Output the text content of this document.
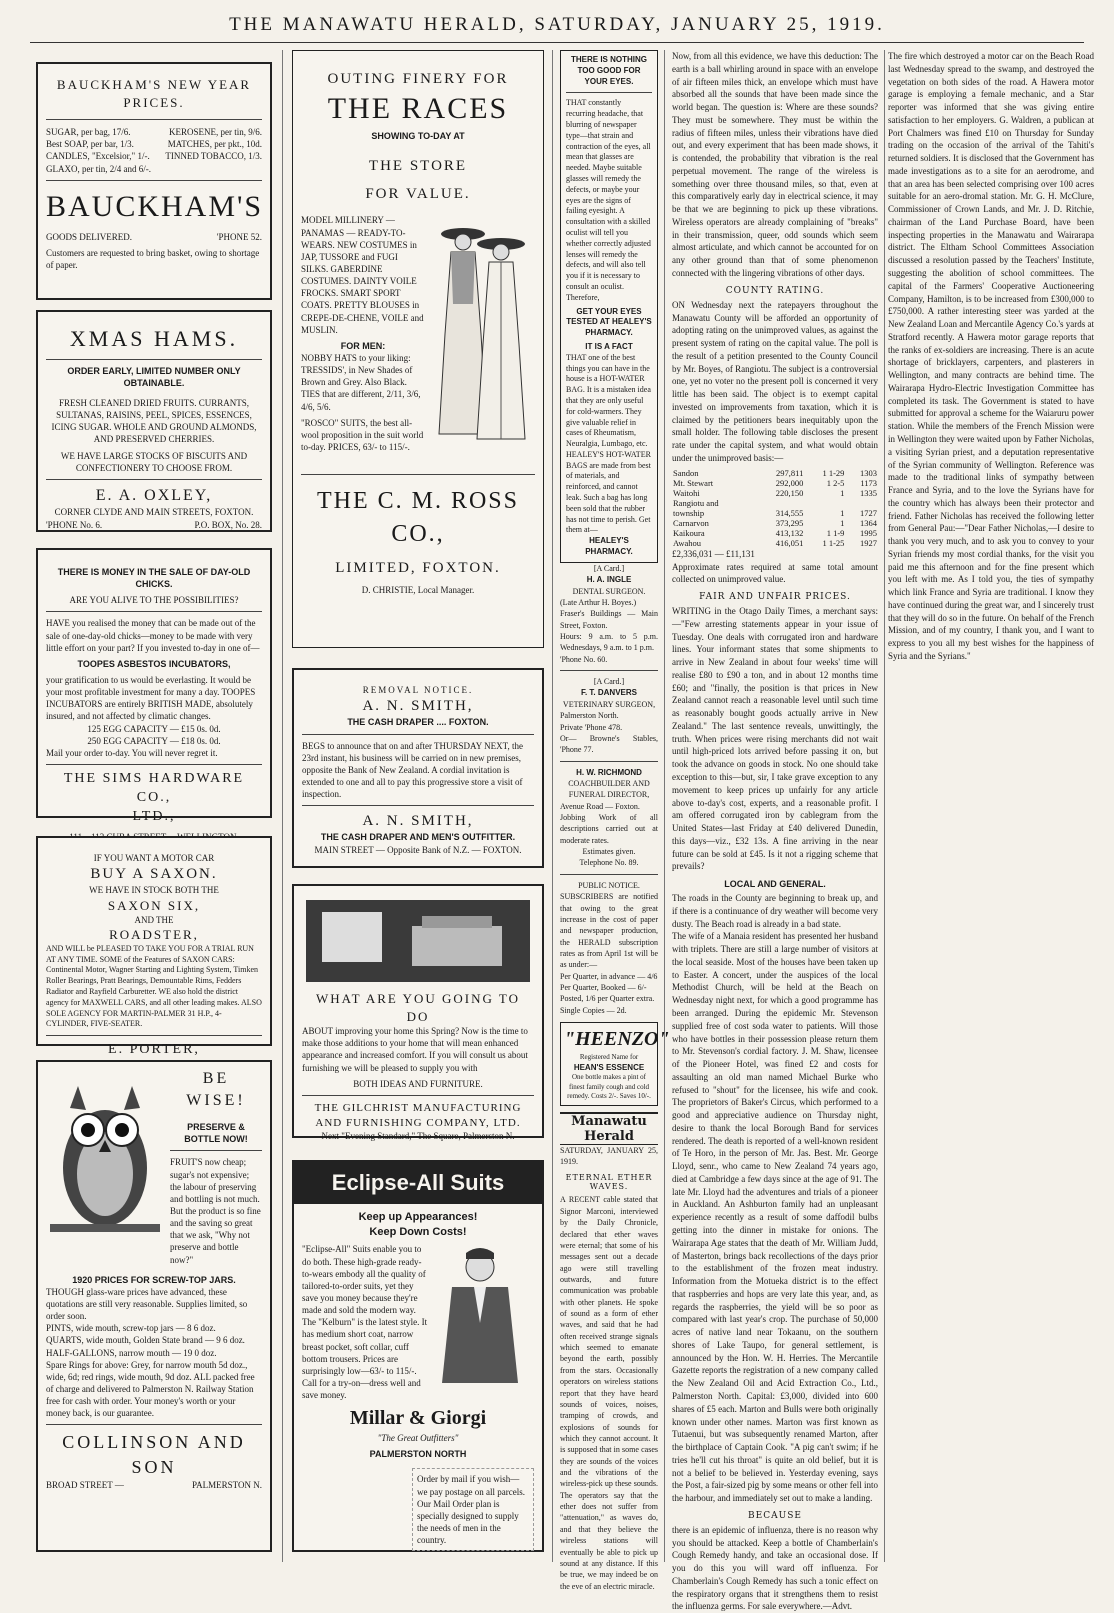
THE MANAWATU HERALD, SATURDAY, JANUARY 25, 1919.
BAUCKHAM'S NEW YEAR PRICES.
SUGAR, per bag, 17/6.	KEROSENE, per tin, 9/6.
Best SOAP, per bar, 1/3.	MATCHES, per pkt., 10d.
CANDLES, "Excelsior," 1/-. TINNED TOBACCO, 1/3.
GLAXO, per tin, 2/4 and 6/-.
BAUCKHAM'S
GOODS DELIVERED.	'PHONE 52.
Customers are requested to bring basket, owing to shortage of paper.
XMAS HAMS.
ORDER EARLY, LIMITED NUMBER ONLY OBTAINABLE.
FRESH CLEANED DRIED FRUITS. CURRANTS, SULTANAS, RAISINS, PEEL, SPICES, ESSENCES, ICING SUGAR. WHOLE AND GROUND ALMONDS, AND PRESERVED CHERRIES.
WE HAVE LARGE STOCKS OF BISCUITS AND CONFECTIONERY TO CHOOSE FROM.
E. A. OXLEY,
CORNER CLYDE AND MAIN STREETS, FOXTON.
'PHONE No. 6.	P.O. BOX, No. 28.
THERE IS MONEY IN THE SALE OF DAY-OLD CHICKS.
ARE YOU ALIVE TO THE POSSIBILITIES?
HAVE you realised the money that can be made out of the sale of one-day-old chicks—money to be made with very little effort on your part? If you invested to-day in one of—
TOOPES ASBESTOS INCUBATORS,
your gratification to us would be everlasting. It would be your most profitable investment for many a day. TOOPES INCUBATORS are entirely BRITISH MADE, absolutely insured, and not affected by climatic changes.
125 EGG CAPACITY — £15 0s. 0d.
250 EGG CAPACITY — £18 0s. 0d.
Mail your order to-day. You will never regret it.
THE SIMS HARDWARE CO.,
LTD.,
IF YOU WANT A MOTOR CAR
BUY A SAXON.
WE HAVE IN STOCK BOTH THE
SAXON SIX,
AND THE
ROADSTER,
AND WILL be PLEASED TO TAKE YOU FOR A TRIAL RUN AT ANY TIME. SOME of the Features of SAXON CARS: Continental Motor, Wagner Starting and Lighting System, Timken Roller Bearings, Pratt Bearings, Demountable Rims, Fedders Radiator and Rayfield Carburetter. WE also hold the district agency for MAXWELL CARS, and all other leading makes. ALSO SOLE AGENCY FOR MARTIN-PALMER 31 H.P., 4-CYLINDER, FIVE-SEATER.
E. PORTER,
BE WISE!
PRESERVE & BOTTLE NOW!
FRUIT'S now cheap; sugar's not expensive; the labour of preserving and bottling is not much. But the product is so fine and the saving so great that we ask, "Why not preserve and bottle now?"
1920 PRICES FOR SCREW-TOP JARS.
THOUGH glass-ware prices have advanced, these quotations are still very reasonable. Supplies limited, so order soon.
PINTS, wide mouth, screw-top jars — 8 6 doz.
QUARTS, wide mouth, Golden State brand — 9 6 doz.
HALF-GALLONS, narrow mouth — 19 0 doz.
Spare Rings for above: Grey, for narrow mouth 5d doz., wide, 6d; red rings, wide mouth, 9d doz. ALL packed free of charge and delivered to Palmerston N. Railway Station free for cash with order. Your money's worth or your money back, is our guarantee.
COLLINSON AND SON
BROAD STREET —	PALMERSTON N.
OUTING FINERY FOR
THE RACES
SHOWING TO-DAY AT
THE STORE
FOR VALUE.
MODEL MILLINERY — PANAMAS — READY-TO-WEARS. NEW COSTUMES in JAP, TUSSORE and FUGI SILKS. GABERDINE COSTUMES. DAINTY VOILE FROCKS. SMART SPORT COATS. PRETTY BLOUSES in CREPE-DE-CHENE, VOILE and MUSLIN.
FOR MEN:
NOBBY HATS to your liking: TRESSIDS', in New Shades of Brown and Grey. Also Black. TIES that are different, 2/11, 3/6, 4/6, 5/6.
"ROSCO" SUITS, the best all-wool proposition in the suit world to-day. PRICES, 63/- to 115/-.
THE C. M. ROSS CO.,
LIMITED, FOXTON.
D. CHRISTIE, Local Manager.
REMOVAL NOTICE.
A. N. SMITH,
THE CASH DRAPER .... FOXTON.
BEGS to announce that on and after THURSDAY NEXT, the 23rd instant, his business will be carried on in new premises, opposite the Bank of New Zealand. A cordial invitation is extended to one and all to pay this progressive store a visit of inspection.
A. N. SMITH,
THE CASH DRAPER AND MEN'S OUTFITTER.
MAIN STREET — Opposite Bank of N.Z. — FOXTON.
WHAT ARE YOU GOING TO DO
ABOUT improving your home this Spring? Now is the time to make those additions to your home that will mean enhanced appearance and increased comfort. If you will consult us about furnishing we will be pleased to supply you with
BOTH IDEAS AND FURNITURE.
THE GILCHRIST MANUFACTURING AND FURNISHING COMPANY, LTD.
Next "Evening Standard," The Square, Palmerston N.
Eclipse-All Suits
Keep up Appearances!
Keep Down Costs!
"Eclipse-All" Suits enable you to do both. These high-grade ready-to-wears embody all the quality of tailored-to-order suits, yet they save you money because they're made and sold the modern way. The "Kelburn" is the latest style. It has medium short coat, narrow breast pocket, soft collar, cuff bottom trousers. Prices are surprisingly low—63/- to 115/-. Call for a try-on—dress well and save money.
Millar & Giorgi
"The Great Outfitters"
PALMERSTON NORTH
Order by mail if you wish—we pay postage on all parcels. Our Mail Order plan is specially designed to supply the needs of men in the country.
THERE IS NOTHING TOO GOOD FOR YOUR EYES.
THAT constantly recurring headache, that blurring of newspaper type—that strain and contraction of the eyes, all mean that glasses are needed. Maybe suitable glasses will remedy the defects, or maybe your eyes are the signs of failing eyesight. A consultation with a skilled oculist will tell you whether correctly adjusted lenses will remedy the defects, and will also tell you if it is necessary to consult an oculist. Therefore,
GET YOUR EYES TESTED AT HEALEY'S PHARMACY.
IT IS A FACT
THAT one of the best things you can have in the house is a HOT-WATER BAG. It is a mistaken idea that they are only useful for cold-warmers. They give valuable relief in cases of Rheumatism, Neuralgia, Lumbago, etc. HEALEY'S HOT-WATER BAGS are made from best of materials, and reinforced, and cannot leak. Such a bag has long been sold that the rubber has not time to perish. Get them at—
HEALEY'S PHARMACY.
[A Card.]
H. A. INGLE
DENTAL SURGEON.
(Late Arthur H. Boyes.)
Fraser's Buildings — Main Street, Foxton.
Hours: 9 a.m. to 5 p.m. Wednesdays, 9 a.m. to 1 p.m.
'Phone No. 60.
[A Card.]
F. T. DANVERS
VETERINARY SURGEON,
Palmerston North.
Private 'Phone 478.
Or— Browne's Stables, 'Phone 77.
H. W. RICHMOND
COACHBUILDER AND FUNERAL DIRECTOR,
Avenue Road — Foxton.
Jobbing Work of all descriptions carried out at moderate rates.
Estimates given.
Telephone No. 89.
PUBLIC NOTICE.
SUBSCRIBERS are notified that owing to the great increase in the cost of paper and newspaper production, the HERALD subscription rates as from April 1st will be as under:—
Per Quarter, in advance — 4/6
Per Quarter, Booked — 6/-
Posted, 1/6 per Quarter extra.
Single Copies — 2d.
"HEENZO"
Registered Name for
HEAN'S ESSENCE
One bottle makes a pint of finest family cough and cold remedy. Costs 2/-. Saves 10/-.
Manawatu Herald
SATURDAY, JANUARY 25, 1919.
ETERNAL ETHER WAVES.
A RECENT cable stated that Signor Marconi, interviewed by the Daily Chronicle, declared that ether waves were eternal; that some of his messages sent out a decade ago were still travelling outwards, and future communication was probable with other planets. He spoke of sound as a form of ether waves, and said that he had often received strange signals which seemed to emanate beyond the earth, possibly from the stars. Occasionally operators on wireless stations report that they have heard sounds of voices, noises, tramping of crowds, and explosions of sounds for which they cannot account. It is supposed that in some cases they are sounds of the voices and the vibrations of the wireless-pick up these sounds. The operators say that the ether does not suffer from "attenuation," as waves do, and that they believe the wireless stations will eventually be able to pick up sound at any distance. If this be true, we may indeed be on the eve of an electric miracle.
Now, from all this evidence, we have this deduction: The earth is a ball whirling around in space with an envelope of air fifteen miles thick, an envelope which must have absorbed all the sounds that have been made since the world began. The question is: Where are these sounds? They must be somewhere. They must be within the radius of fifteen miles, unless their vibrations have died out, and every experiment that has been made shows, it is contended, the probability that vibration is the real perpetual movement. The range of the wireless is something over three thousand miles, so that, even at this comparatively early day in electrical science, it may be that we are beginning to pick up these vibrations. Wireless operators are already complaining of "breaks" in their transmission, queer, odd sounds which seem almost articulate, and which cannot be accounted for on any other ground than that of some phenomenon connected with the lingering vibrations of other days.
COUNTY RATING.
ON Wednesday next the ratepayers throughout the Manawatu County will be afforded an opportunity of adopting rating on the unimproved values, as against the present system of rating on the capital value. The poll is the result of a petition presented to the County Council by Mr. Boyes, of Rangiotu. The subject is a controversial one, yet no voter no the present poll is concerned it very little has been said. The object is to exempt capital invested on improvements from taxation, which it is claimed by the petitioners bears inequitably upon the small holder. The following table discloses the present rate under the capital system, and what would obtain under the unimproved basis:—
Sandon	297,811	1 1-29	1303
Mt. Stewart	292,000	1 2-5	1173
Waitohi	220,150	1	1335
Rangiotu and			
township	314,555	1	1727
Carnarvon	373,295	1	1364
Kaikoura	413,132	1 1-9	1995
Awahou	416,051	1 1-25	1927
£2,336,031 — £11,131
Approximate rates required at same total amount collected on unimproved value.
FAIR AND UNFAIR PRICES.
WRITING in the Otago Daily Times, a merchant says:—"Few arresting statements appear in your issue of Tuesday. One deals with corrugated iron and hardware lines. Your informant states that some shipments to arrive in New Zealand in about four weeks' time will realise £80 to £90 a ton, and in about 12 months time £60; and "finally, the position is that prices in New Zealand cannot reach a reasonable level until such time as reasonably bought goods actually arrive in New Zealand." The last sentence reveals, unwittingly, the truth. When prices were rising merchants did not wait until high-priced lots arrived before passing it on, but took the advance on goods in stock. No one should take exception to this—but, sir, I take grave exception to any movement to keep prices up unfairly for any article above to-day's cost, experts, and a reasonable profit. I am offered corrugated iron by cablegram from the United States—last Friday at £40 delivered Dunedin, this days—viz., £32 13s. A fine arriving in the near future can be sold at £45. Is it not a rigging scheme that prevails?
LOCAL AND GENERAL.
The roads in the County are beginning to break up, and if there is a continuance of dry weather will become very dusty. The Beach road is already in a bad state.
The wife of a Manaia resident has presented her husband with triplets. There are still a large number of visitors at the local seaside. Most of the houses have been taken up to Easter. A concert, under the auspices of the local Methodist Church, will be held at the Beach on Wednesday night next, for which a good programme has been arranged. During the epidemic Mr. Stevenson supplied free of cost soda water to patients. Will those who have bottles in their possession please return them to Mr. Stevenson's cordial factory. J. M. Shaw, licensee of the Pioneer Hotel, was fined £2 and costs for assaulting an old man named Michael Burke who refused to "shout" for the licensee, his wife and cook. The proprietors of Baker's Circus, which performed to a good and appreciative audience on Thursday night, desire to thank the local Borough Band for services rendered. The death is reported of a well-known resident of Te Horo, in the person of Mr. Jas. Best. Mr. George Lloyd, senr., who came to New Zealand 74 years ago, died at Cambridge a few days since at the age of 91. The late Mr. Lloyd had the adventures and trials of a pioneer in Auckland. An Ashburton family had an unpleasant experience recently as a result of some daffodil bulbs getting into the dinner in mistake for onions. The Wairarapa Age states that the death of Mr. William Judd, of Masterton, brings back recollections of the days prior to the establishment of the frozen meat industry. Information from the Motueka district is to the effect that raspberries and hops are very late this year, and, as regards the raspberries, the yield will be so poor as compared with last year's crop. The purchase of 50,000 acres of native land near Tokaanu, on the southern shores of Lake Taupo, for general settlement, is announced by the Hon. W. H. Herries. The Mercantile Gazette reports the registration of a new company called the New Zealand Oil and Acid Extraction Co., Ltd., Palmerston North. Capital: £3,000, divided into 600 shares of £5 each. Marton and Bulls were both originally known under other names. Marton was first known as Tutaenui, but was subsequently renamed Marton, after the birthplace of Captain Cook. "A pig can't swim; if he tries he'll cut his throat" is quite an old belief, but it is not a belief to be believed in. Yesterday evening, says the Post, a fair-sized pig by some means or other fell into the harbour, and immediately set out to make a landing.
BECAUSE
there is an epidemic of influenza, there is no reason why you should be attacked. Keep a bottle of Chamberlain's Cough Remedy handy, and take an occasional dose. If you do this you will ward off influenza. For Chamberlain's Cough Remedy has such a tonic effect on the respiratory organs that it strengthens them to resist the influenza germs. For sale everywhere.—Advt.
The fire which destroyed a motor car on the Beach Road last Wednesday spread to the swamp, and destroyed the vegetation on both sides of the road. A Hawera motor garage is employing a female mechanic, and a Star reporter was informed that she was giving entire satisfaction to her employers. G. Waldren, a publican at Port Chalmers was fined £10 on Thursday for Sunday trading on the occasion of the arrival of the Tahiti's returned soldiers. It is disclosed that the Government has made investigations as to a site for an aerodrome, and that an area has been selected comprising over 100 acres suitable for an aero-dromal station. Mr. G. H. McClure, Commissioner of Crown Lands, and Mr. J. D. Ritchie, chairman of the Land Purchase Board, have been inspecting properties in the Manawatu and Wairarapa district. The Eltham School Committees Association discussed a resolution passed by the Teachers' Institute, suggesting the abolition of school committees. The capital of the Farmers' Cooperative Auctioneering Company, Hamilton, is to be increased from £300,000 to £750,000. A rather interesting steer was yarded at the New Zealand Loan and Mercantile Agency Co.'s yards at Stratford recently. A Hawera motor garage reports that the ranks of ex-soldiers are increasing. There is an acute shortage of bricklayers, carpenters, and plasterers in Wellington, and many contracts are behind time. The Wairarapa Hydro-Electric Investigation Committee has completed its task. The Government is stated to have submitted for approval a scheme for the Waiaruru power station. While the members of the French Mission were in Wellington they were waited upon by Father Nicholas, a visiting Syrian priest, and a deputation representative of the Syrian community of Wellington. Reference was made to the traditional links of sympathy between France and Syria, and to the love the Syrians have for the country which has always been their protector and friend. Father Nicholas has received the following letter from General Pau:—"Dear Father Nicholas,—I desire to thank you very much, and to ask you to convey to your Syrian friends my most cordial thanks, for the visit you paid me this afternoon and for the fine present which you left with me. As I told you, the ties of sympathy which link France and Syria are traditional. I know they have continued during the great war, and I sincerely trust that they will do so in the future. On behalf of the French Mission, and of my country, I thank you, and I want to express to you all my best wishes for the happiness of Syria and the Syrians."
